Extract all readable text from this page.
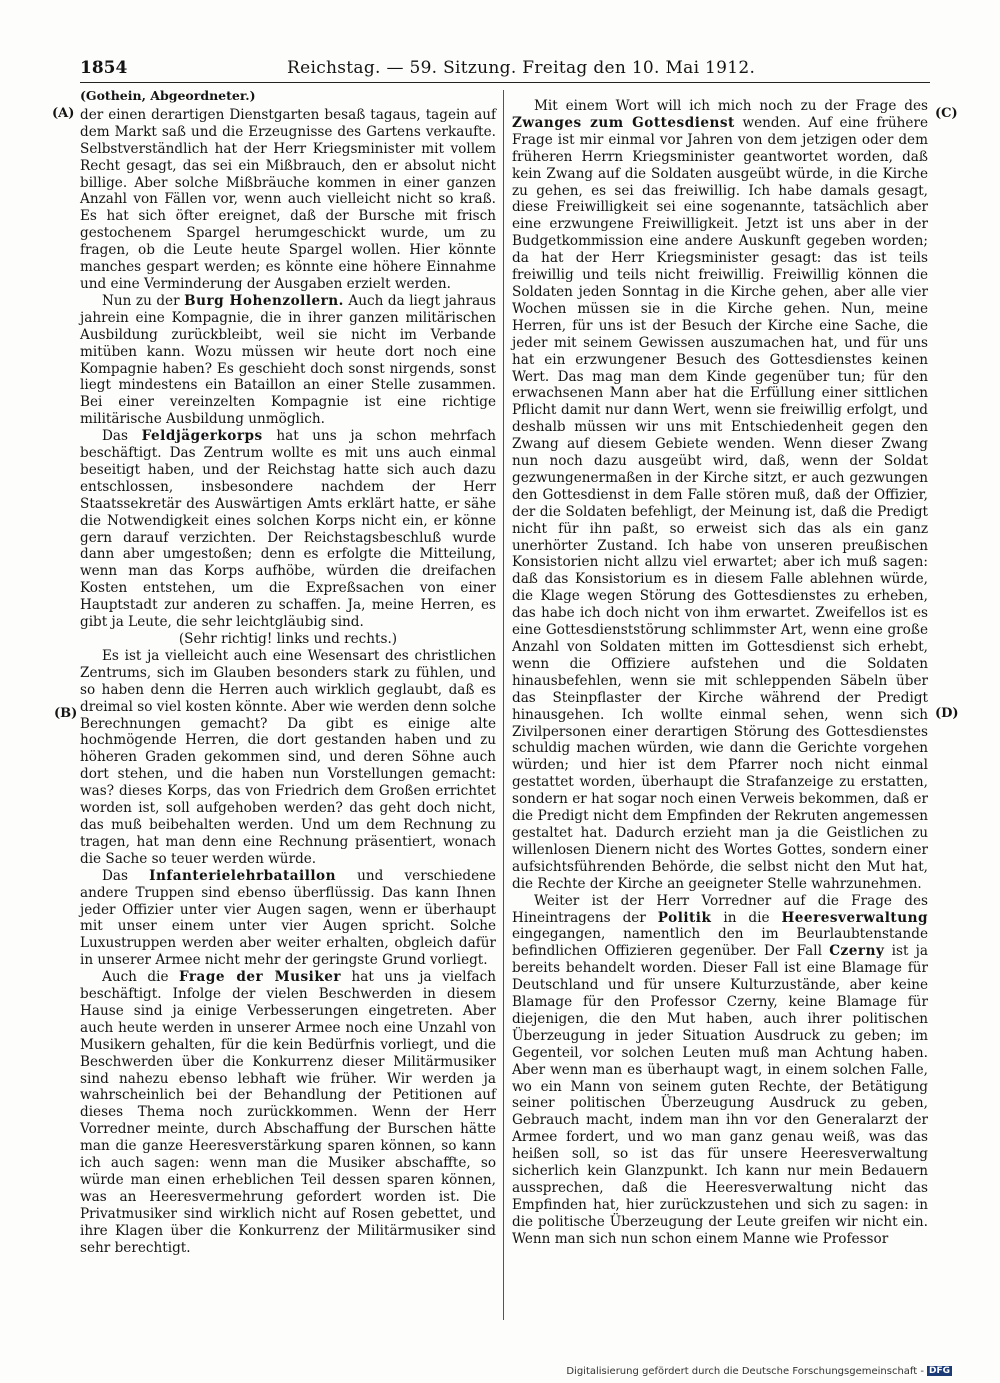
1854	Reichstag. — 59. Sitzung. Freitag den 10. Mai 1912.
(A)
(B)
(C)
(D)
(Gothein, Abgeordneter.)

der einen derartigen Dienstgarten besaß tagaus, tagein auf dem Markt saß und die Erzeugnisse des Gartens verkaufte. Selbstverständlich hat der Herr Kriegsminister mit vollem Recht gesagt, das sei ein Mißbrauch, den er absolut nicht billige. Aber solche Mißbräuche kommen in einer ganzen Anzahl von Fällen vor, wenn auch vielleicht nicht so kraß. Es hat sich öfter ereignet, daß der Bursche mit frisch gestochenem Spargel herumgeschickt wurde, um zu fragen, ob die Leute heute Spargel wollen. Hier könnte manches gespart werden; es könnte eine höhere Einnahme und eine Verminderung der Ausgaben erzielt werden.

Nun zu der Burg Hohenzollern. Auch da liegt jahraus jahrein eine Kompagnie, die in ihrer ganzen militärischen Ausbildung zurückbleibt, weil sie nicht im Verbande mitüben kann. Wozu müssen wir heute dort noch eine Kompagnie haben? Es geschieht doch sonst nirgends, sonst liegt mindestens ein Bataillon an einer Stelle zusammen. Bei einer vereinzelten Kompagnie ist eine richtige militärische Ausbildung unmöglich.

Das Feldjägerkorps hat uns ja schon mehrfach beschäftigt. Das Zentrum wollte es mit uns auch einmal beseitigt haben, und der Reichstag hatte sich auch dazu entschlossen, insbesondere nachdem der Herr Staatssekretär des Auswärtigen Amts erklärt hatte, er sähe die Notwendigkeit eines solchen Korps nicht ein, er könne gern darauf verzichten. Der Reichstagsbeschluß wurde dann aber umgestoßen; denn es erfolgte die Mitteilung, wenn man das Korps aufhöbe, würden die dreifachen Kosten entstehen, um die Expreßsachen von einer Hauptstadt zur anderen zu schaffen. Ja, meine Herren, es gibt ja Leute, die sehr leichtgläubig sind.

(Sehr richtig! links und rechts.)

Es ist ja vielleicht auch eine Wesensart des christlichen Zentrums, sich im Glauben besonders stark zu fühlen, und so haben denn die Herren auch wirklich geglaubt, daß es dreimal so viel kosten könnte. Aber wie werden denn solche Berechnungen gemacht? Da gibt es einige alte hochmögende Herren, die dort gestanden haben und zu höheren Graden gekommen sind, und deren Söhne auch dort stehen, und die haben nun Vorstellungen gemacht: was? dieses Korps, das von Friedrich dem Großen errichtet worden ist, soll aufgehoben werden? das geht doch nicht, das muß beibehalten werden. Und um dem Rechnung zu tragen, hat man denn eine Rechnung präsentiert, wonach die Sache so teuer werden würde.

Das Infanterielehrbataillon und verschiedene andere Truppen sind ebenso überflüssig. Das kann Ihnen jeder Offizier unter vier Augen sagen, wenn er überhaupt mit unser einem unter vier Augen spricht. Solche Luxustruppen werden aber weiter erhalten, obgleich dafür in unserer Armee nicht mehr der geringste Grund vorliegt.

Auch die Frage der Musiker hat uns ja vielfach beschäftigt. Infolge der vielen Beschwerden in diesem Hause sind ja einige Verbesserungen eingetreten. Aber auch heute werden in unserer Armee noch eine Unzahl von Musikern gehalten, für die kein Bedürfnis vorliegt, und die Beschwerden über die Konkurrenz dieser Militärmusiker sind nahezu ebenso lebhaft wie früher. Wir werden ja wahrscheinlich bei der Behandlung der Petitionen auf dieses Thema noch zurückkommen. Wenn der Herr Vorredner meinte, durch Abschaffung der Burschen hätte man die ganze Heeresverstärkung sparen können, so kann ich auch sagen: wenn man die Musiker abschaffte, so würde man einen erheblichen Teil dessen sparen können, was an Heeresvermehrung gefordert worden ist. Die Privatmusiker sind wirklich nicht auf Rosen gebettet, und ihre Klagen über die Konkurrenz der Militärmusiker sind sehr berechtigt.

Mit einem Wort will ich mich noch zu der Frage des Zwanges zum Gottesdienst wenden. Auf eine frühere Frage ist mir einmal vor Jahren von dem jetzigen oder dem früheren Herrn Kriegsminister geantwortet worden, daß kein Zwang auf die Soldaten ausgeübt würde, in die Kirche zu gehen, es sei das freiwillig. Ich habe damals gesagt, diese Freiwilligkeit sei eine sogenannte, tatsächlich aber eine erzwungene Freiwilligkeit. Jetzt ist uns aber in der Budgetkommission eine andere Auskunft gegeben worden; da hat der Herr Kriegsminister gesagt: das ist teils freiwillig und teils nicht freiwillig. Freiwillig können die Soldaten jeden Sonntag in die Kirche gehen, aber alle vier Wochen müssen sie in die Kirche gehen. Nun, meine Herren, für uns ist der Besuch der Kirche eine Sache, die jeder mit seinem Gewissen auszumachen hat, und für uns hat ein erzwungener Besuch des Gottesdienstes keinen Wert. Das mag man dem Kinde gegenüber tun; für den erwachsenen Mann aber hat die Erfüllung einer sittlichen Pflicht damit nur dann Wert, wenn sie freiwillig erfolgt, und deshalb müssen wir uns mit Entschiedenheit gegen den Zwang auf diesem Gebiete wenden. Wenn dieser Zwang nun noch dazu ausgeübt wird, daß, wenn der Soldat gezwungenermaßen in der Kirche sitzt, er auch gezwungen den Gottesdienst in dem Falle stören muß, daß der Offizier, der die Soldaten befehligt, der Meinung ist, daß die Predigt nicht für ihn paßt, so erweist sich das als ein ganz unerhörter Zustand. Ich habe von unseren preußischen Konsistorien nicht allzu viel erwartet; aber ich muß sagen: daß das Konsistorium es in diesem Falle ablehnen würde, die Klage wegen Störung des Gottesdienstes zu erheben, das habe ich doch nicht von ihm erwartet. Zweifellos ist es eine Gottesdienststörung schlimmster Art, wenn eine große Anzahl von Soldaten mitten im Gottesdienst sich erhebt, wenn die Offiziere aufstehen und die Soldaten hinausbefehlen, wenn sie mit schleppenden Säbeln über das Steinpflaster der Kirche während der Predigt hinausgehen. Ich wollte einmal sehen, wenn sich Zivilpersonen einer derartigen Störung des Gottesdienstes schuldig machen würden, wie dann die Gerichte vorgehen würden; und hier ist dem Pfarrer noch nicht einmal gestattet worden, überhaupt die Strafanzeige zu erstatten, sondern er hat sogar noch einen Verweis bekommen, daß er die Predigt nicht dem Empfinden der Rekruten angemessen gestaltet hat. Dadurch erzieht man ja die Geistlichen zu willenlosen Dienern nicht des Wortes Gottes, sondern einer aufsichtsführenden Behörde, die selbst nicht den Mut hat, die Rechte der Kirche an geeigneter Stelle wahrzunehmen.

Weiter ist der Herr Vorredner auf die Frage des Hineintragens der Politik in die Heeresverwaltung eingegangen, namentlich den im Beurlaubtenstande befindlichen Offizieren gegenüber. Der Fall Czerny ist ja bereits behandelt worden. Dieser Fall ist eine Blamage für Deutschland und für unsere Kulturzustände, aber keine Blamage für den Professor Czerny, keine Blamage für diejenigen, die den Mut haben, auch ihrer politischen Überzeugung in jeder Situation Ausdruck zu geben; im Gegenteil, vor solchen Leuten muß man Achtung haben. Aber wenn man es überhaupt wagt, in einem solchen Falle, wo ein Mann von seinem guten Rechte, der Betätigung seiner politischen Überzeugung Ausdruck zu geben, Gebrauch macht, indem man ihn vor den Generalarzt der Armee fordert, und wo man ganz genau weiß, was das heißen soll, so ist das für unsere Heeresverwaltung sicherlich kein Glanzpunkt. Ich kann nur mein Bedauern aussprechen, daß die Heeresverwaltung nicht das Empfinden hat, hier zurückzustehen und sich zu sagen: in die politische Überzeugung der Leute greifen wir nicht ein. Wenn man sich nun schon einem Manne wie Professor

Digitalisierung gefördert durch die Deutsche Forschungsgemeinschaft - DFG
